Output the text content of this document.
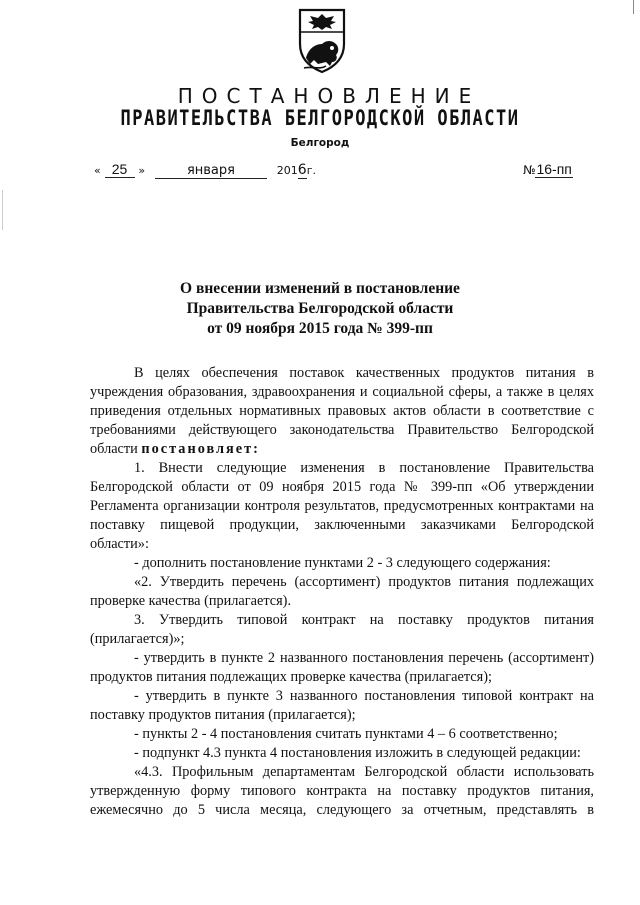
ПОСТАНОВЛЕНИЕ
ПРАВИТЕЛЬСТВА БЕЛГОРОДСКОЙ ОБЛАСТИ
Белгород
« 25 »	января	2016г.	№16-пп
О внесении изменений в постановление
Правительства Белгородской области
от 09 ноября 2015 года № 399-пп

В целях обеспечения поставок качественных продуктов питания в учреждения образования, здравоохранения и социальной сферы, а также в целях приведения отдельных нормативных правовых актов области в соответствие с требованиями действующего законодательства Правительство Белгородской области постановляет:

1. Внести следующие изменения в постановление Правительства Белгородской области от 09 ноября 2015 года № 399-пп «Об утверждении Регламента организации контроля результатов, предусмотренных контрактами на поставку пищевой продукции, заключенными заказчиками Белгородской области»:

- дополнить постановление пунктами 2 - 3 следующего содержания:

«2. Утвердить перечень (ассортимент) продуктов питания подлежащих проверке качества (прилагается).

3. Утвердить типовой контракт на поставку продуктов питания (прилагается)»;

- утвердить в пункте 2 названного постановления перечень (ассортимент) продуктов питания подлежащих проверке качества (прилагается);

- утвердить в пункте 3 названного постановления типовой контракт на поставку продуктов питания (прилагается);

- пункты 2 - 4 постановления считать пунктами 4 – 6 соответственно;

- подпункт 4.3 пункта 4 постановления изложить в следующей редакции:

«4.3. Профильным департаментам Белгородской области использовать утвержденную форму типового контракта на поставку продуктов питания, ежемесячно до 5 числа месяца, следующего за отчетным, представлять в
